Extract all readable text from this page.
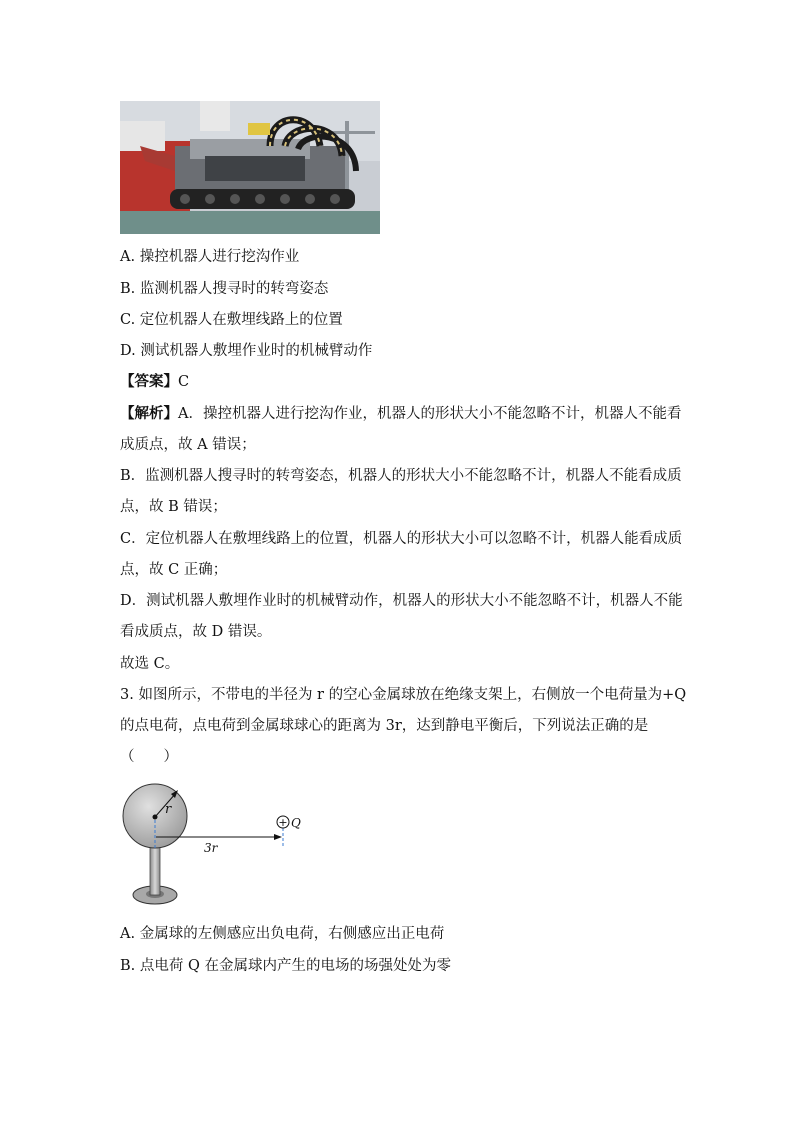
A. 操控机器人进行挖沟作业
B. 监测机器人搜寻时的转弯姿态
C. 定位机器人在敷埋线路上的位置
D. 测试机器人敷埋作业时的机械臂动作
【答案】C
【解析】A．操控机器人进行挖沟作业，机器人的形状大小不能忽略不计，机器人不能看
成质点，故 A 错误；
B．监测机器人搜寻时的转弯姿态，机器人的形状大小不能忽略不计，机器人不能看成质
点，故 B 错误；
C．定位机器人在敷埋线路上的位置，机器人的形状大小可以忽略不计，机器人能看成质
点，故 C 正确；
D．测试机器人敷埋作业时的机械臂动作，机器人的形状大小不能忽略不计，机器人不能
看成质点，故 D 错误。
故选 C。
3. 如图所示，不带电的半径为 r 的空心金属球放在绝缘支架上，右侧放一个电荷量为+Q
的点电荷，点电荷到金属球球心的距离为 3r，达到静电平衡后，下列说法正确的是
（　　）
+
r
3r
Q
A. 金属球的左侧感应出负电荷，右侧感应出正电荷
B. 点电荷 Q 在金属球内产生的电场的场强处处为零
